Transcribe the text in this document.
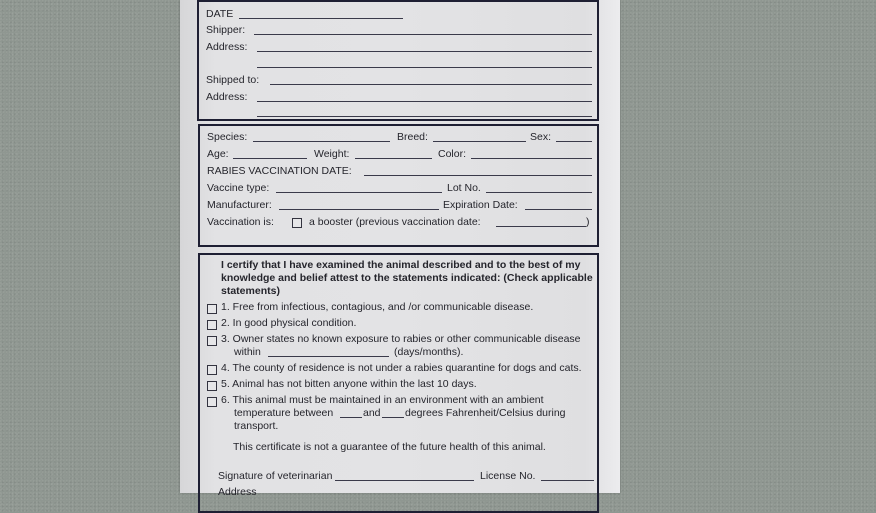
DATE
Shipper:
Address:
Shipped to:
Address:
Species:	Breed:	Sex:
Age:	Weight:	Color:
RABIES VACCINATION DATE:
Vaccine type:	Lot No.
Manufacturer:	Expiration Date:
Vaccination is:	a booster (previous vaccination date:	)
I certify that I have examined the animal described and to the best of my
knowledge and belief attest to the statements indicated: (Check applicable
statements)
1. Free from infectious, contagious, and /or communicable disease.
2. In good physical condition.
3. Owner states no known exposure to rabies or other communicable disease
within	(days/months).
4. The county of residence is not under a rabies quarantine for dogs and cats.
5. Animal has not bitten anyone within the last 10 days.
6. This animal must be maintained in an environment with an ambient
temperature between	and degrees Fahrenheit/Celsius during
transport.
This certificate is not a guarantee of the future health of this animal.
Signature of veterinarian	License No.
Address
